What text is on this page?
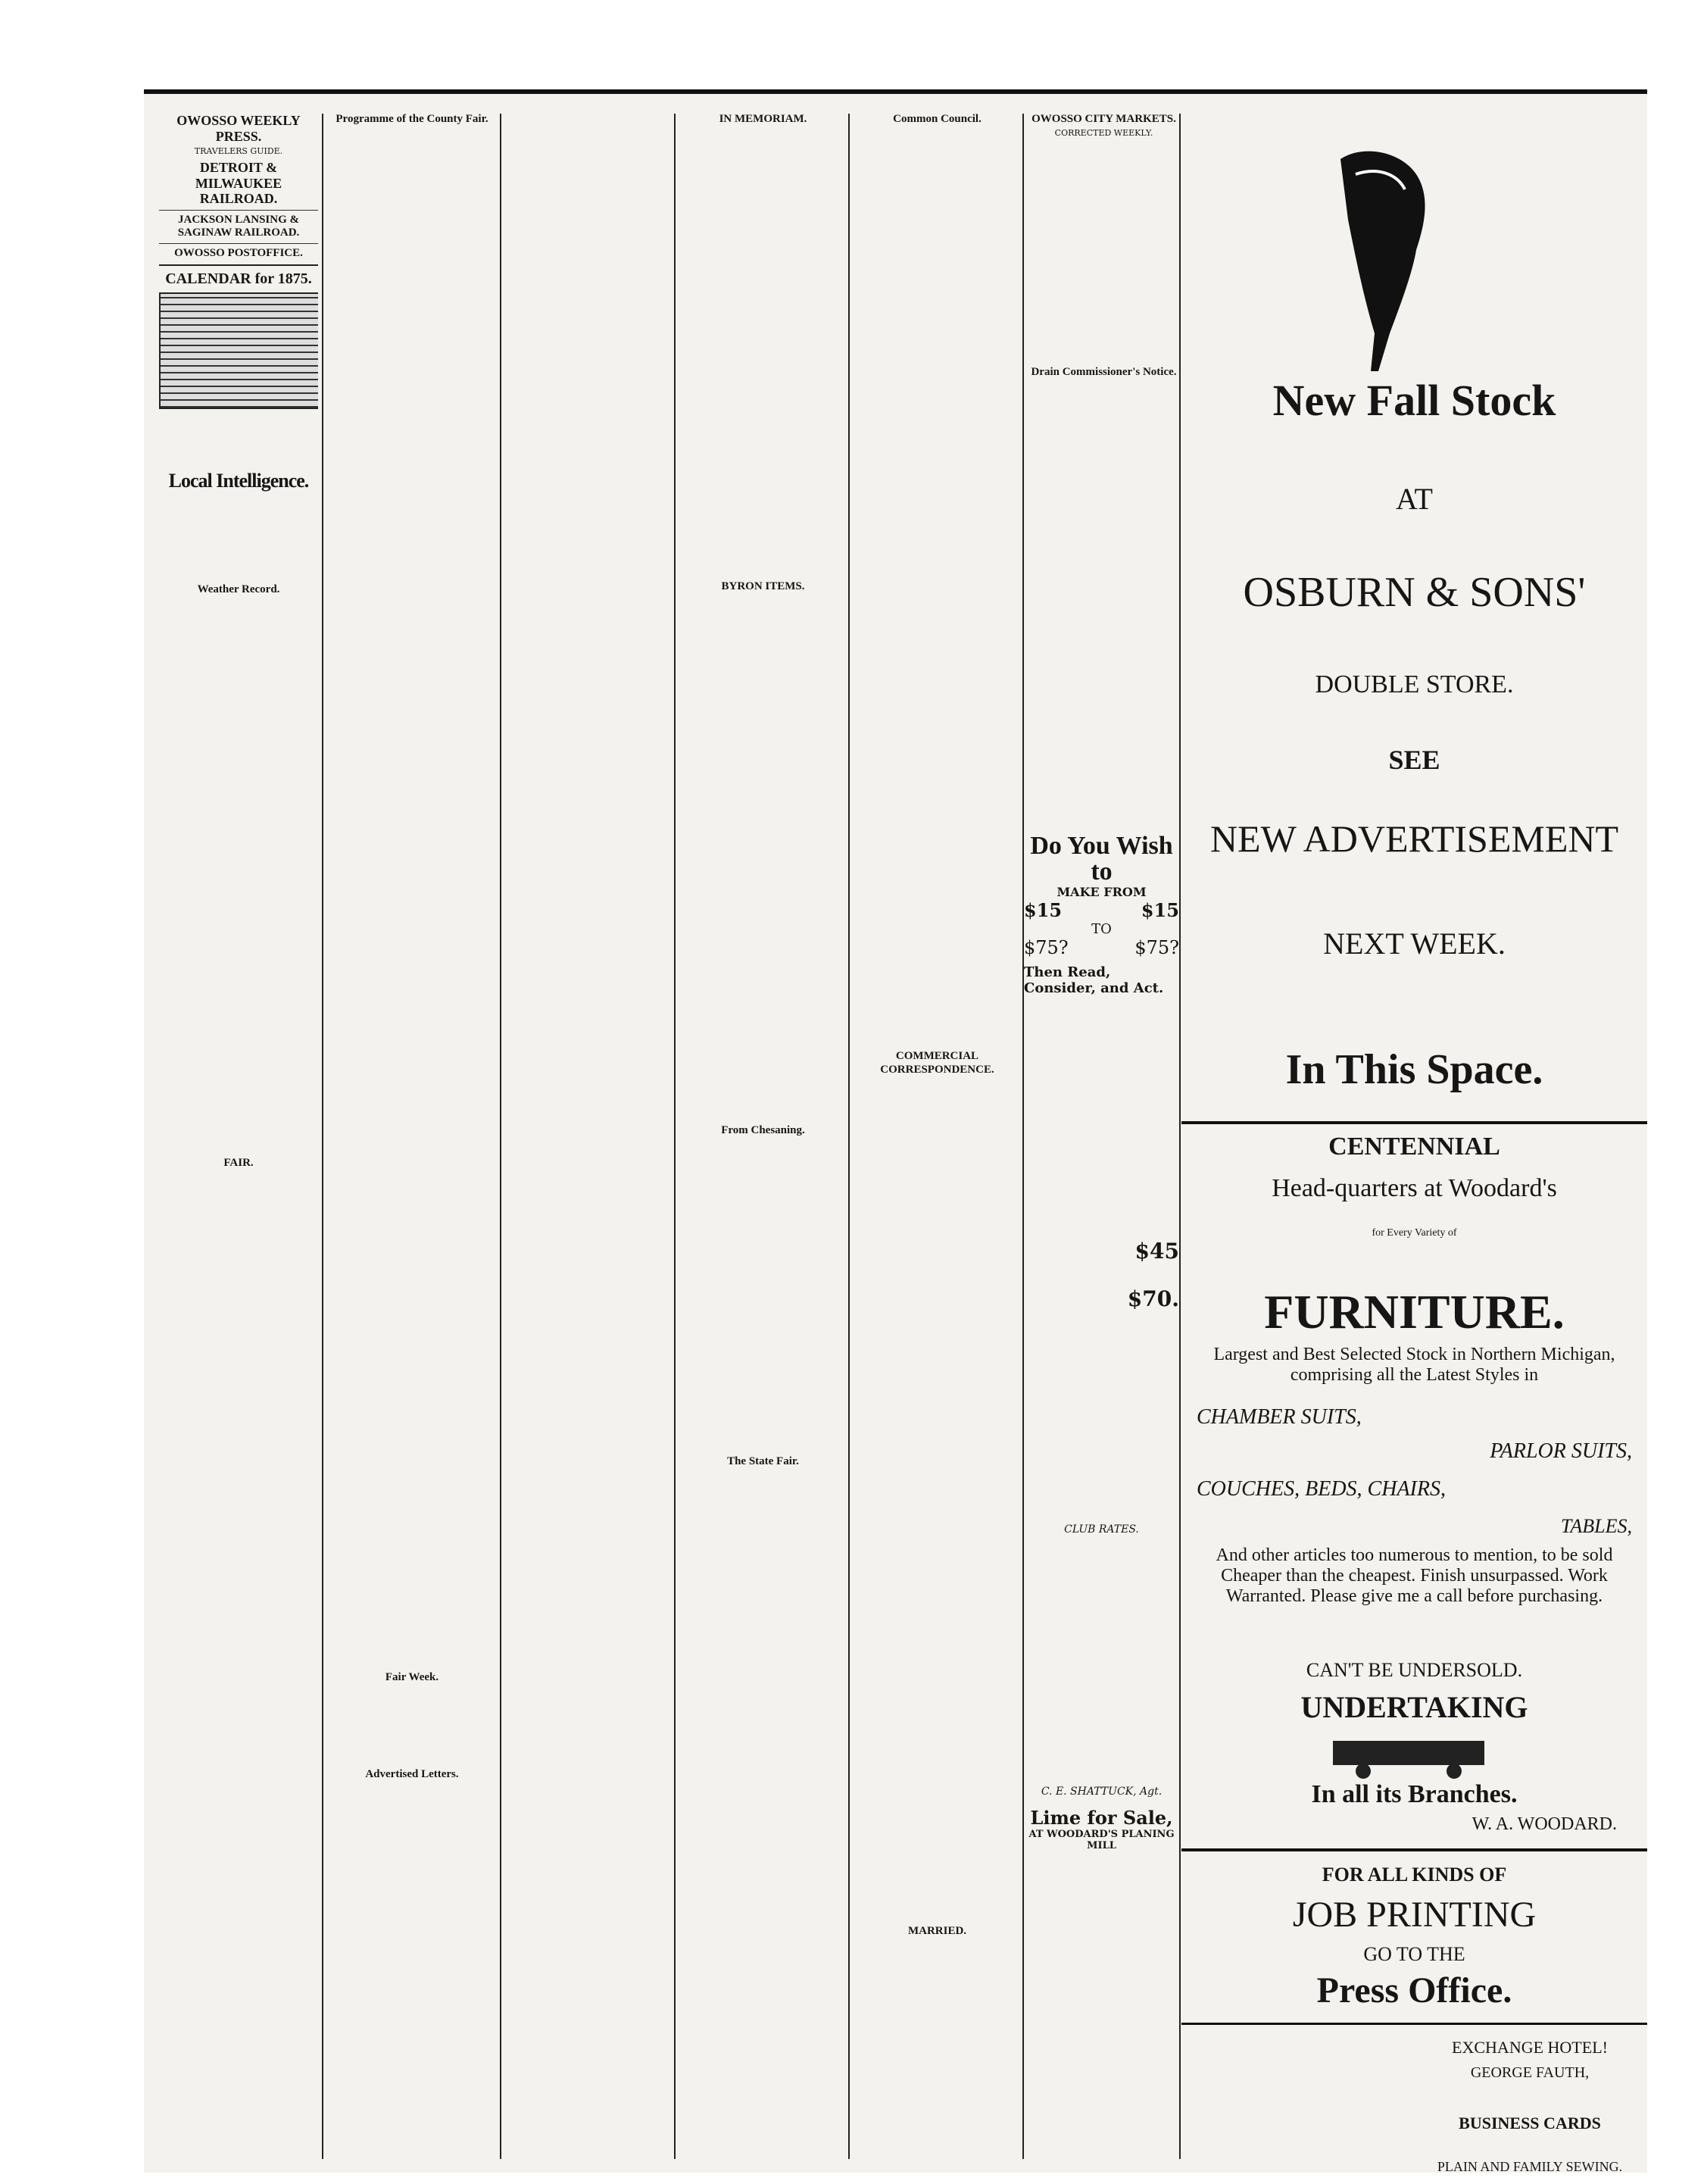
OWOSSO WEEKLY PRESS.
TRAVELERS GUIDE.
DETROIT & MILWAUKEE RAILROAD.
JACKSON LANSING & SAGINAW RAILROAD.
OWOSSO POSTOFFICE.
CALENDAR for 1875.
Local Intelligence.
Weather Record.
FAIR.
Programme of the County Fair.
Fair Week.
Advertised Letters.
IN MEMORIAM.
BYRON ITEMS.
From Chesaning.
The State Fair.
Common Council.
COMMERCIAL CORRESPONDENCE.
MARRIED.
OWOSSO CITY MARKETS.
CORRECTED WEEKLY.
Drain Commissioner's Notice.
Do You Wish to
MAKE FROM
$15	$15
TO
$75?	$75?
Then Read, Consider, and Act.
$45
$70.
CLUB RATES.
C. E. SHATTUCK, Agt.
Lime for Sale,
AT WOODARD'S PLANING MILL
New Fall Stock
AT
OSBURN & SONS'
DOUBLE STORE.
SEE
NEW ADVERTISEMENT
NEXT WEEK.
In This Space.
CENTENNIAL
Head-quarters at Woodard's
for Every Variety of
FURNITURE.
Largest and Best Selected Stock in Northern Michigan, comprising all the Latest Styles in
CHAMBER SUITS,
PARLOR SUITS,
COUCHES, BEDS, CHAIRS,
TABLES,
And other articles too numerous to mention, to be sold Cheaper than the cheapest. Finish unsurpassed. Work Warranted. Please give me a call before purchasing.
CAN'T BE UNDERSOLD.
UNDERTAKING
In all its Branches.
W. A. WOODARD.
FOR ALL KINDS OF
JOB PRINTING
GO TO THE
Press Office.
EXCHANGE HOTEL!
GEORGE FAUTH,
PLAIN AND FAMILY SEWING.
BUSINESS CARDS
